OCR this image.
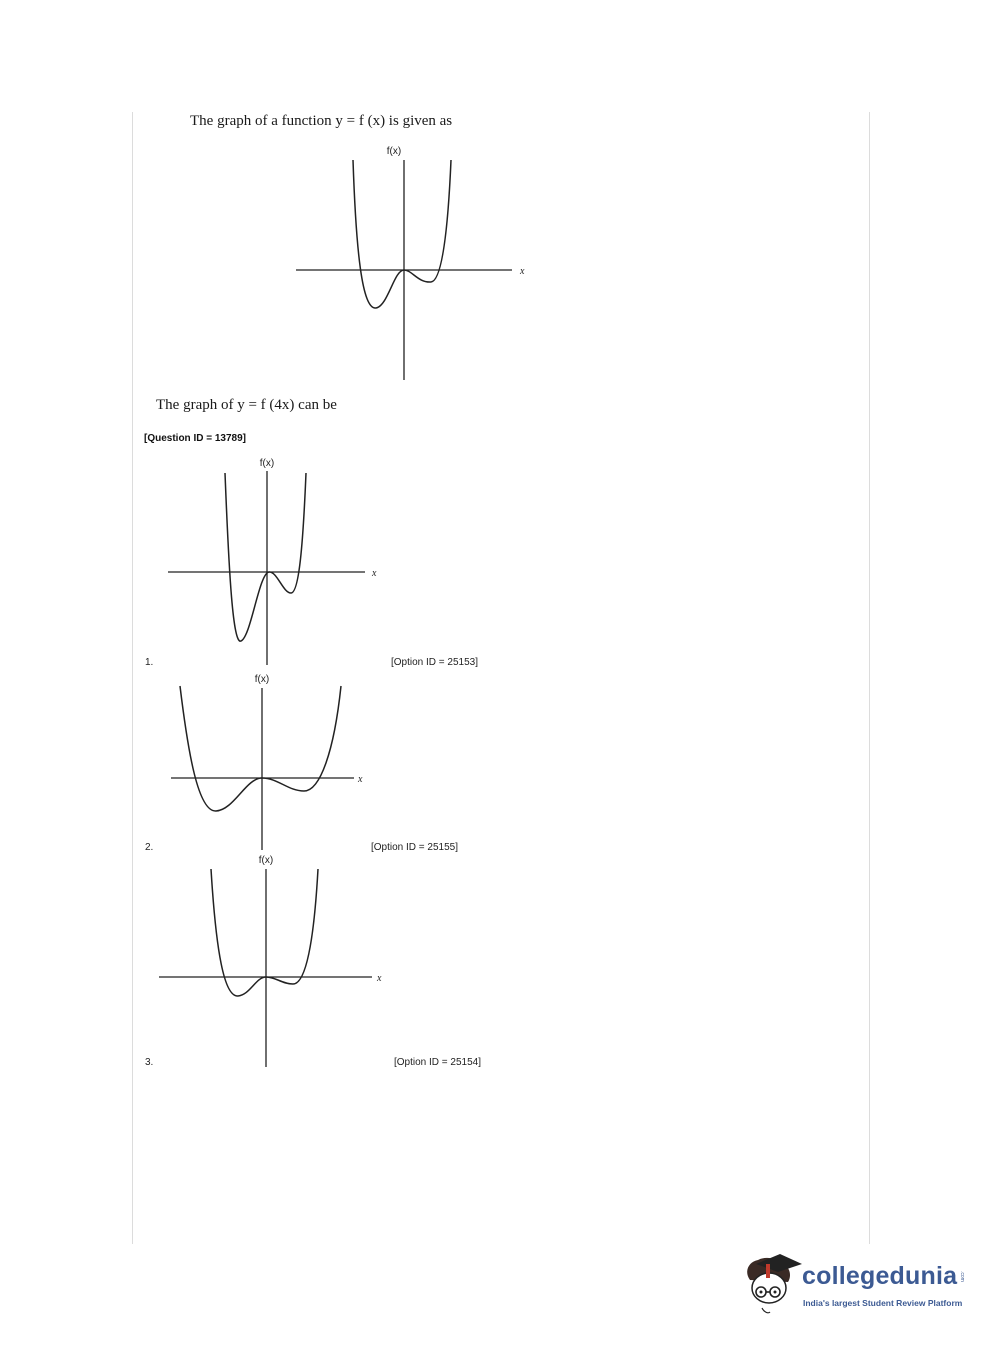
The graph of a function y = f (x) is given as
f(x)
x
The graph of y = f (4x) can be
[Question ID = 13789]
f(x)
x
1.	[Option ID = 25153]
f(x)
x
2.	[Option ID = 25155]
f(x)
x
3.	[Option ID = 25154]
collegedunia .com
India's largest Student Review Platform
